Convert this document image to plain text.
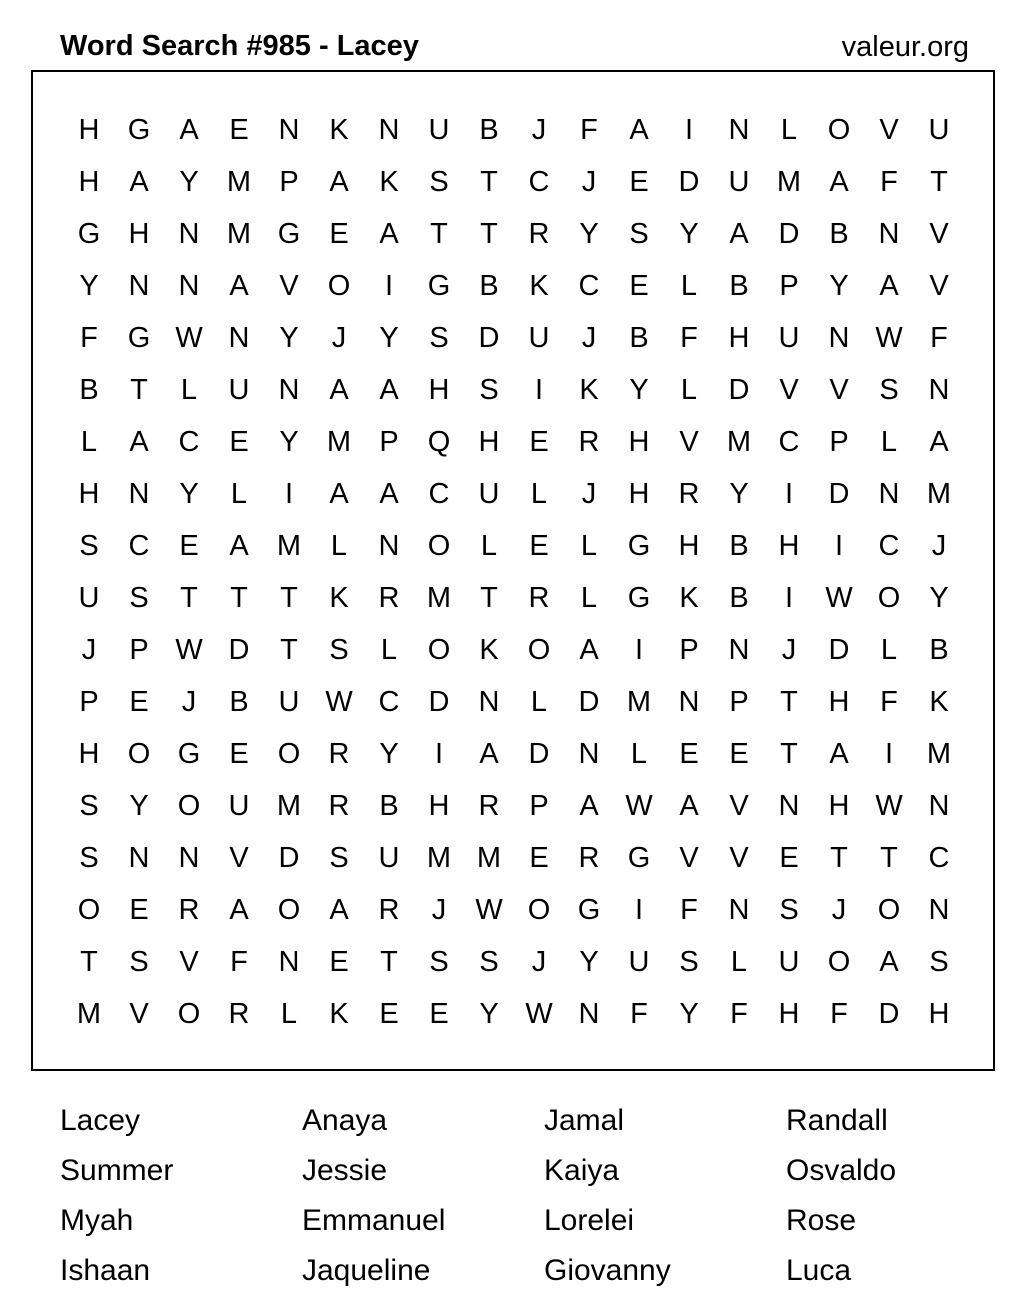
Word Search #985 - Lacey	valeur.org
H G	A	E	N	K	N	U	B	J	F	A	I	N	L	O	V	U
H	A	Y M P	A	K	S	T	C	J	E	D	U M A	F	T
G H	N M G	E	A	T	T	R	Y	S	Y	A	D	B	N	V
Y	N	N	A	V	O	I	G	B	K	C	E	L	B	P	Y	A	V
F	G W N	Y	J	Y	S	D	U	J	B	F	H	U	N W F
B	T	L	U	N	A	A	H	S	I	K	Y	L	D	V	V	S	N
L	A	C	E	Y M P	Q H	E	R	H	V M C	P	L	A
H	N	Y	L	I	A	A	C	U	L	J	H	R	Y	I	D	N M
S	C	E	A M	L	N O	L	E	L	G H	B	H	I	C	J
U	S	T	T	T	K	R M	T	R	L	G	K	B	I	W O	Y
J	P W D	T	S	L	O	K	O	A	I	P	N	J	D	L	B
P	E	J	B	U W C	D	N	L	D M N	P	T	H	F	K
H O G	E	O R	Y	I	A	D	N	L	E	E	T	A	I	M
S	Y	O U M R	B	H	R	P	A W A	V	N	H W N
S	N	N	V	D	S	U M M E	R G	V	V	E	T	T	C
O	E	R	A	O	A	R	J	W O G	I	F	N	S	J	O N
T	S	V	F	N	E	T	S	S	J	Y	U	S	L	U O	A	S
M V	O R	L	K	E	E	Y W N	F	Y	F	H	F	D	H
Lacey	Anaya	Jamal	Randall
Summer	Jessie	Kaiya	Osvaldo
Myah	Emmanuel	Lorelei	Rose
Ishaan	Jaqueline	Giovanny	Luca
